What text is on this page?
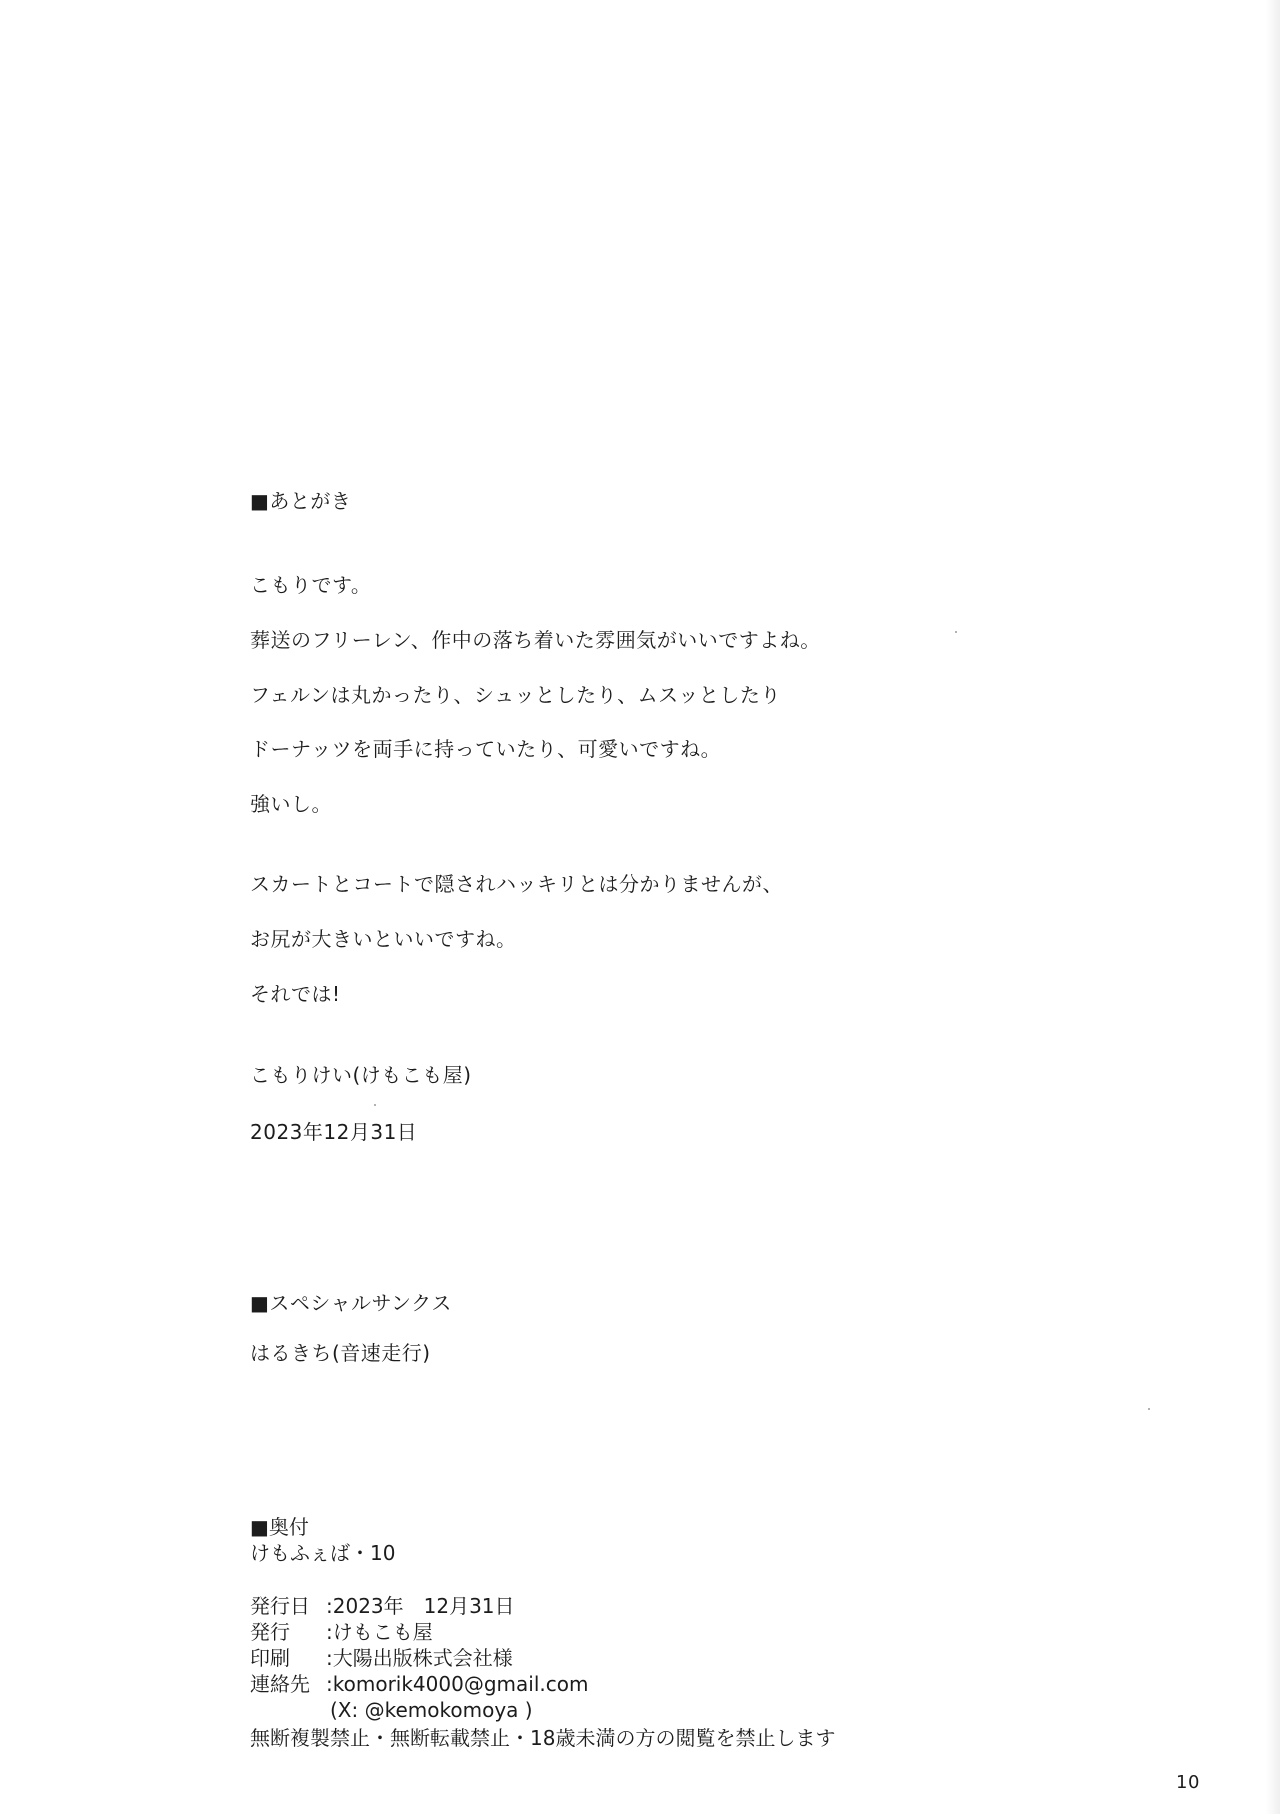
■あとがき
こもりです。
葬送のフリーレン、作中の落ち着いた雰囲気がいいですよね。
フェルンは丸かったり、シュッとしたり、ムスッとしたり
ドーナッツを両手に持っていたり、可愛いですね。
強いし。
スカートとコートで隠されハッキリとは分かりませんが、
お尻が大きいといいですね。
それでは!
こもりけい(けもこも屋)
2023年12月31日
■スペシャルサンクス
はるきち(音速走行)
■奥付
けもふぇば・10
発行日 :2023年　12月31日
発行 :けもこも屋
印刷 :大陽出版株式会社様
連絡先 :komorik4000@gmail.com
(X: @kemokomoya )
無断複製禁止・無断転載禁止・18歳未満の方の閲覧を禁止します
10
